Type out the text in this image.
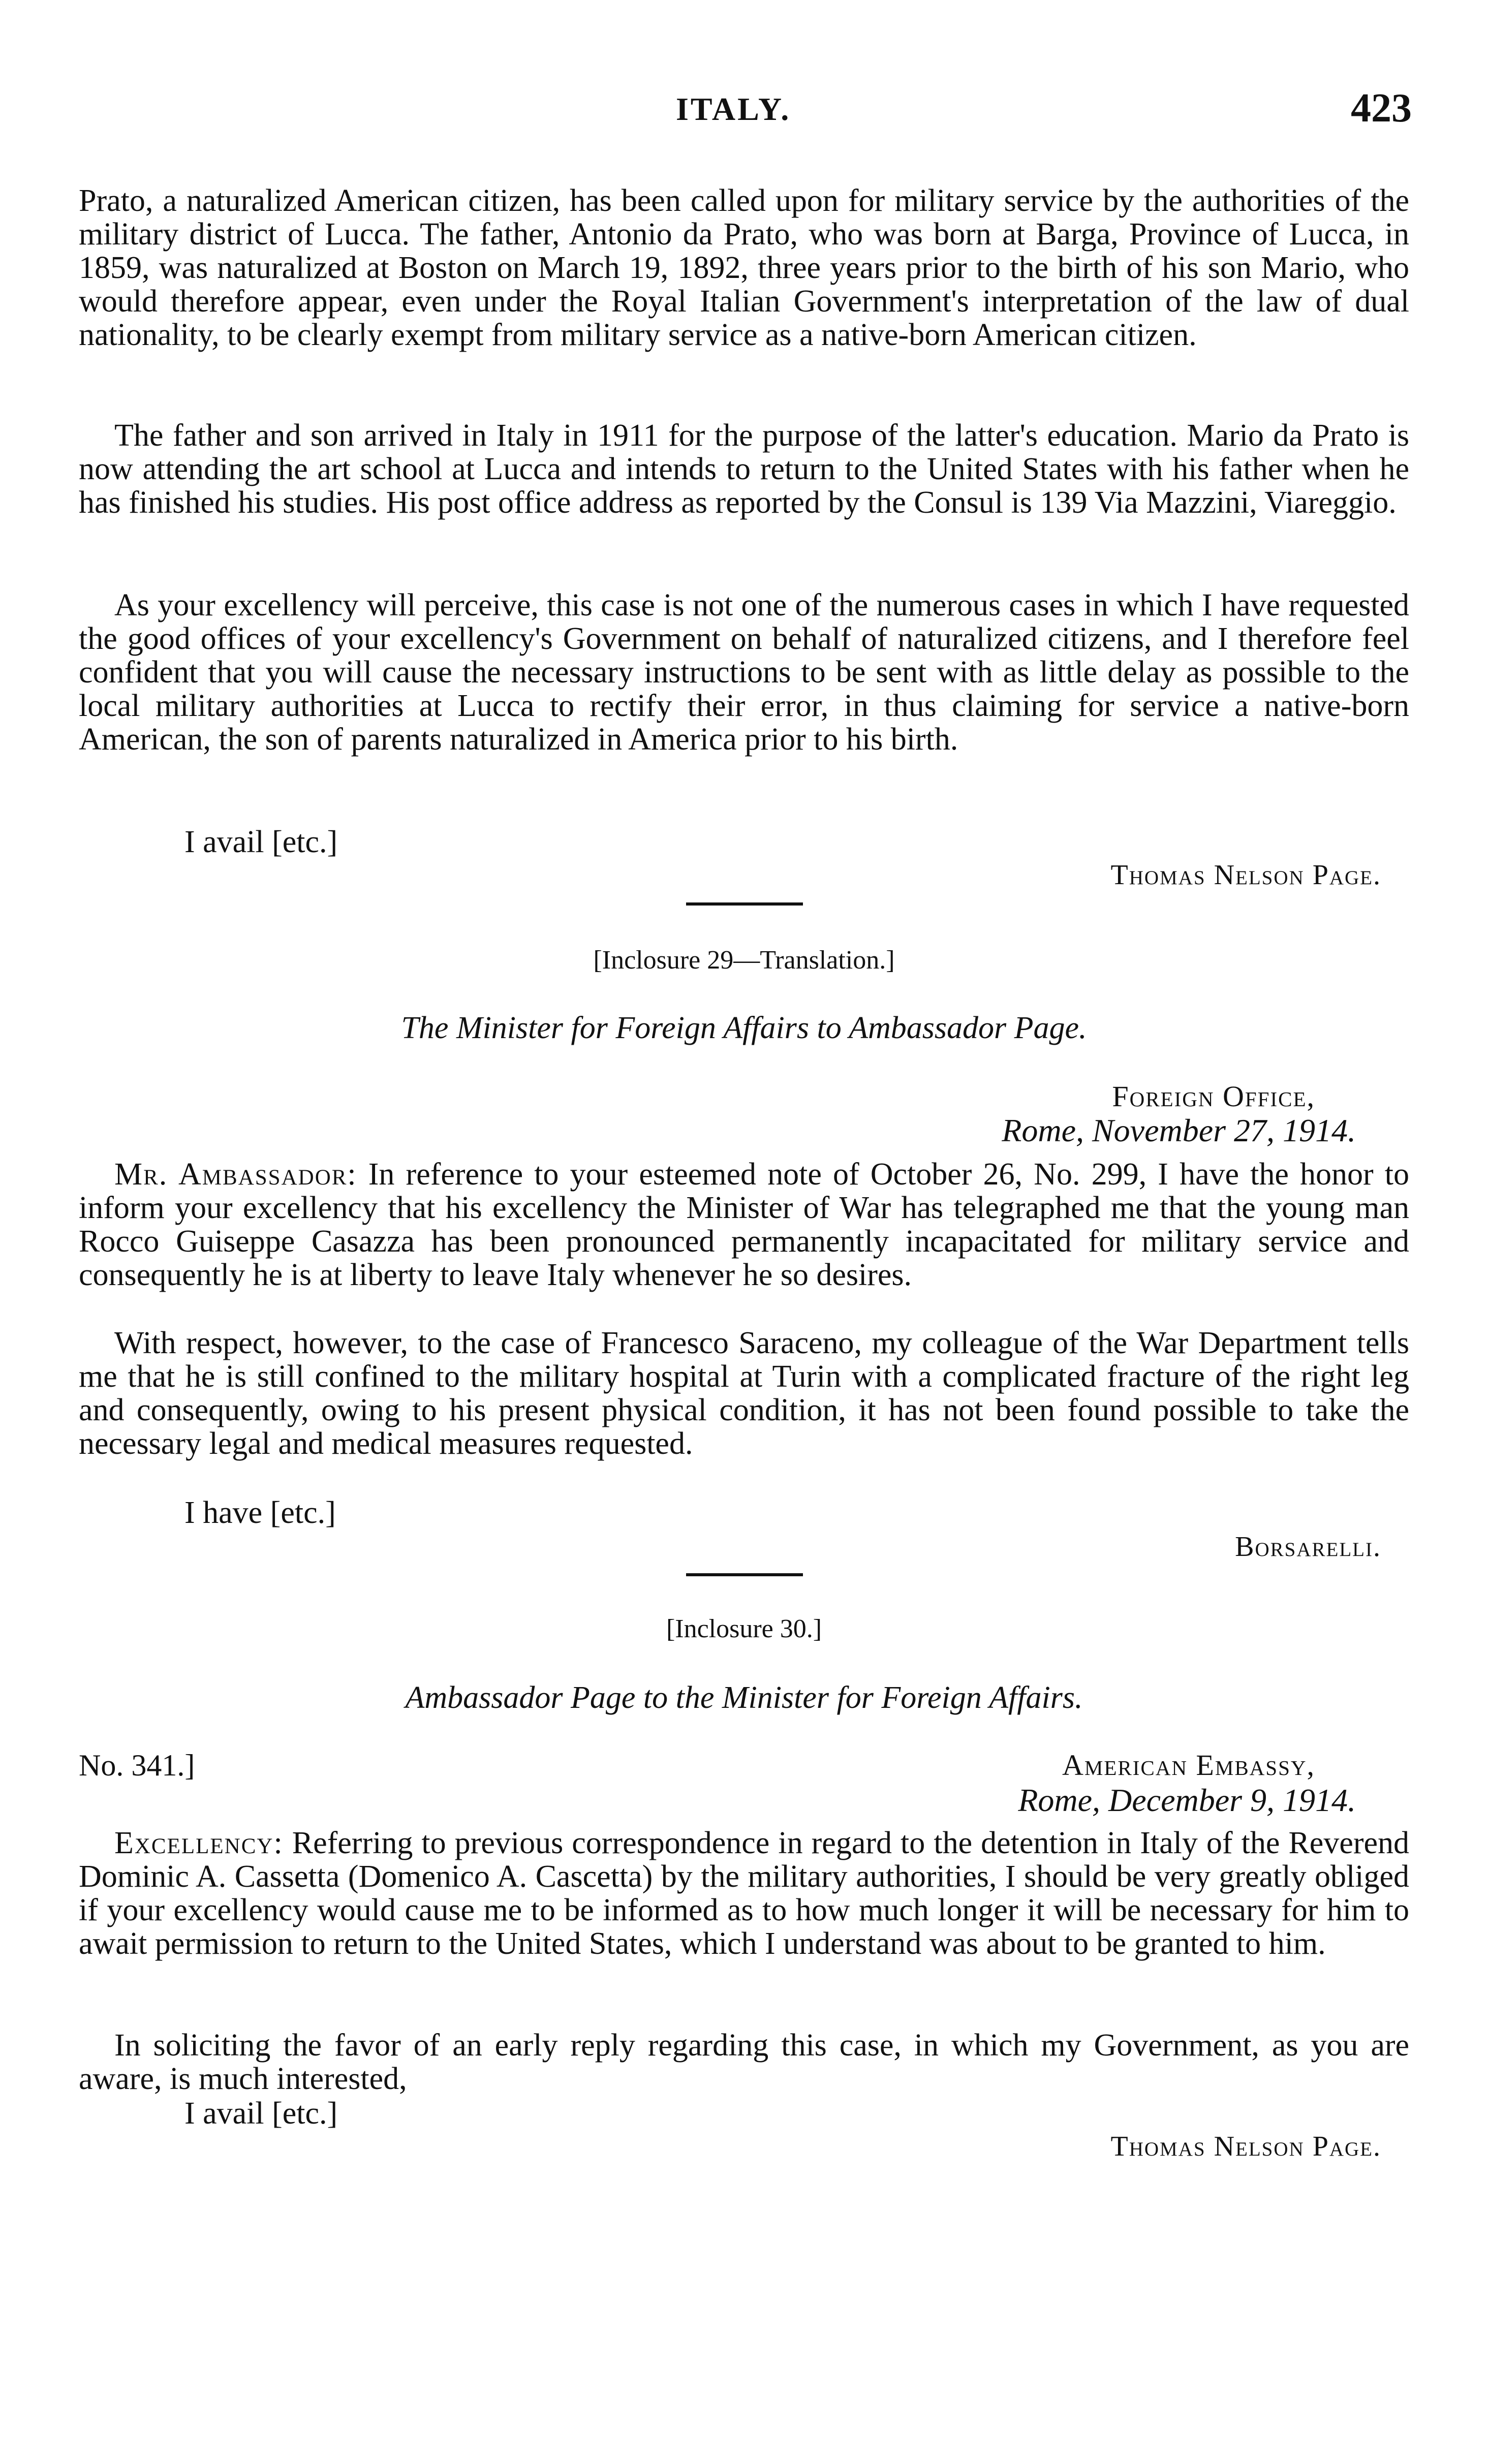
ITALY.	423

Prato, a naturalized American citizen, has been called upon for military service by the authorities of the military district of Lucca. The father, Antonio da Prato, who was born at Barga, Province of Lucca, in 1859, was naturalized at Boston on March 19, 1892, three years prior to the birth of his son Mario, who would therefore appear, even under the Royal Italian Government's interpretation of the law of dual nationality, to be clearly exempt from military service as a native-born American citizen.

The father and son arrived in Italy in 1911 for the purpose of the latter's education. Mario da Prato is now attending the art school at Lucca and intends to return to the United States with his father when he has finished his studies. His post office address as reported by the Consul is 139 Via Mazzini, Viareggio.

As your excellency will perceive, this case is not one of the numerous cases in which I have requested the good offices of your excellency's Government on behalf of naturalized citizens, and I therefore feel confident that you will cause the necessary instructions to be sent with as little delay as possible to the local military authorities at Lucca to rectify their error, in thus claiming for service a native-born American, the son of parents naturalized in America prior to his birth.

I avail [etc.]

Thomas Nelson Page.

[Inclosure 29—Translation.]

The Minister for Foreign Affairs to Ambassador Page.

Foreign Office,

Rome, November 27, 1914.

Mr. Ambassador: In reference to your esteemed note of October 26, No. 299, I have the honor to inform your excellency that his excellency the Minister of War has telegraphed me that the young man Rocco Guiseppe Casazza has been pronounced permanently incapacitated for military service and consequently he is at liberty to leave Italy whenever he so desires.

With respect, however, to the case of Francesco Saraceno, my colleague of the War Department tells me that he is still confined to the military hospital at Turin with a complicated fracture of the right leg and consequently, owing to his present physical condition, it has not been found possible to take the necessary legal and medical measures requested.

I have [etc.]

Borsarelli.

[Inclosure 30.]

Ambassador Page to the Minister for Foreign Affairs.

No. 341.]	American Embassy,

Rome, December 9, 1914.

Excellency: Referring to previous correspondence in regard to the detention in Italy of the Reverend Dominic A. Cassetta (Domenico A. Cascetta) by the military authorities, I should be very greatly obliged if your excellency would cause me to be informed as to how much longer it will be necessary for him to await permission to return to the United States, which I understand was about to be granted to him.

In soliciting the favor of an early reply regarding this case, in which my Government, as you are aware, is much interested,

I avail [etc.]

Thomas Nelson Page.
